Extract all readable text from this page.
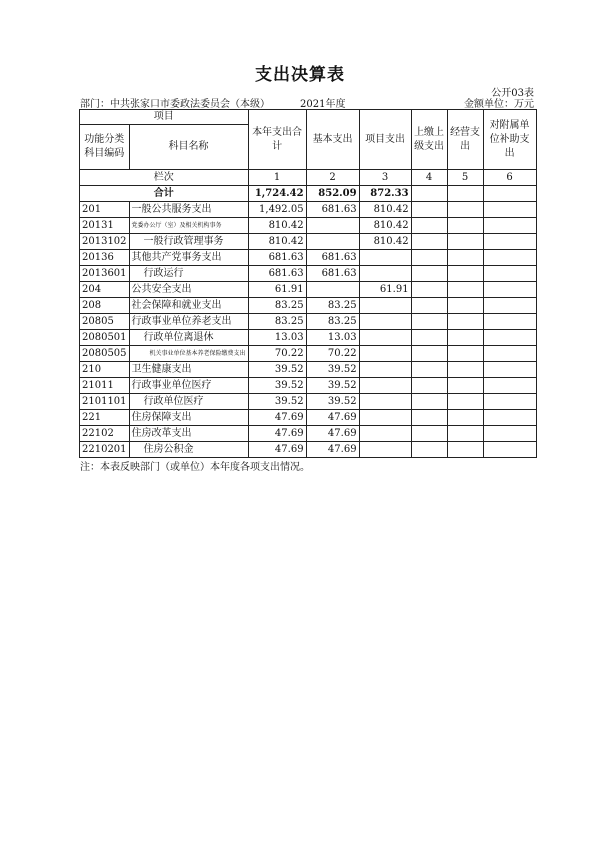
支出决算表
公开03表
部门：中共张家口市委政法委员会（本级）	2021年度	金额单位：万元
项目		本年支出合计	基本支出	项目支出	上缴上级支出	经营支出	对附属单位补助支出
功能分类科目编码	科目名称						
栏次		1	2	3	4	5	6
合计		1,724.42	852.09	872.33			
201	一般公共服务支出	1,492.05	681.63	810.42			
20131	党委办公厅（室）及相关机构事务	810.42		810.42			
2013102	一般行政管理事务	810.42		810.42			
20136	其他共产党事务支出	681.63	681.63				
2013601	行政运行	681.63	681.63				
204	公共安全支出	61.91		61.91			
208	社会保障和就业支出	83.25	83.25				
20805	行政事业单位养老支出	83.25	83.25				
2080501	行政单位离退休	13.03	13.03				
2080505	机关事业单位基本养老保险缴费支出	70.22	70.22				
210	卫生健康支出	39.52	39.52				
21011	行政事业单位医疗	39.52	39.52				
2101101	行政单位医疗	39.52	39.52				
221	住房保障支出	47.69	47.69				
22102	住房改革支出	47.69	47.69				
2210201	住房公积金	47.69	47.69				
注：本表反映部门（或单位）本年度各项支出情况。
